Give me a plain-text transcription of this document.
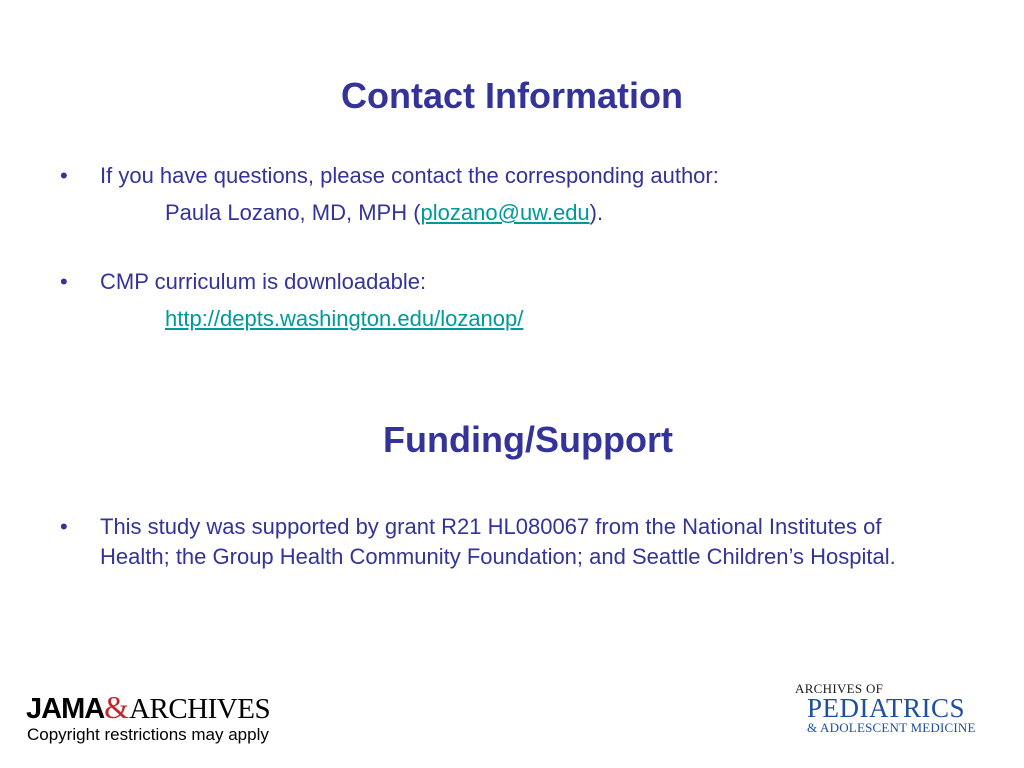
Contact Information
• If you have questions, please contact the corresponding author:
Paula Lozano, MD, MPH (plozano@uw.edu).
• CMP curriculum is downloadable:
http://depts.washington.edu/lozanop/
Funding/Support
• This study was supported by grant R21 HL080067 from the National Institutes of Health; the Group Health Community Foundation; and Seattle Children’s Hospital.
JAMA&ARCHIVES
Copyright restrictions may apply
ARCHIVES OF
PEDIATRICS
& ADOLESCENT MEDICINE
